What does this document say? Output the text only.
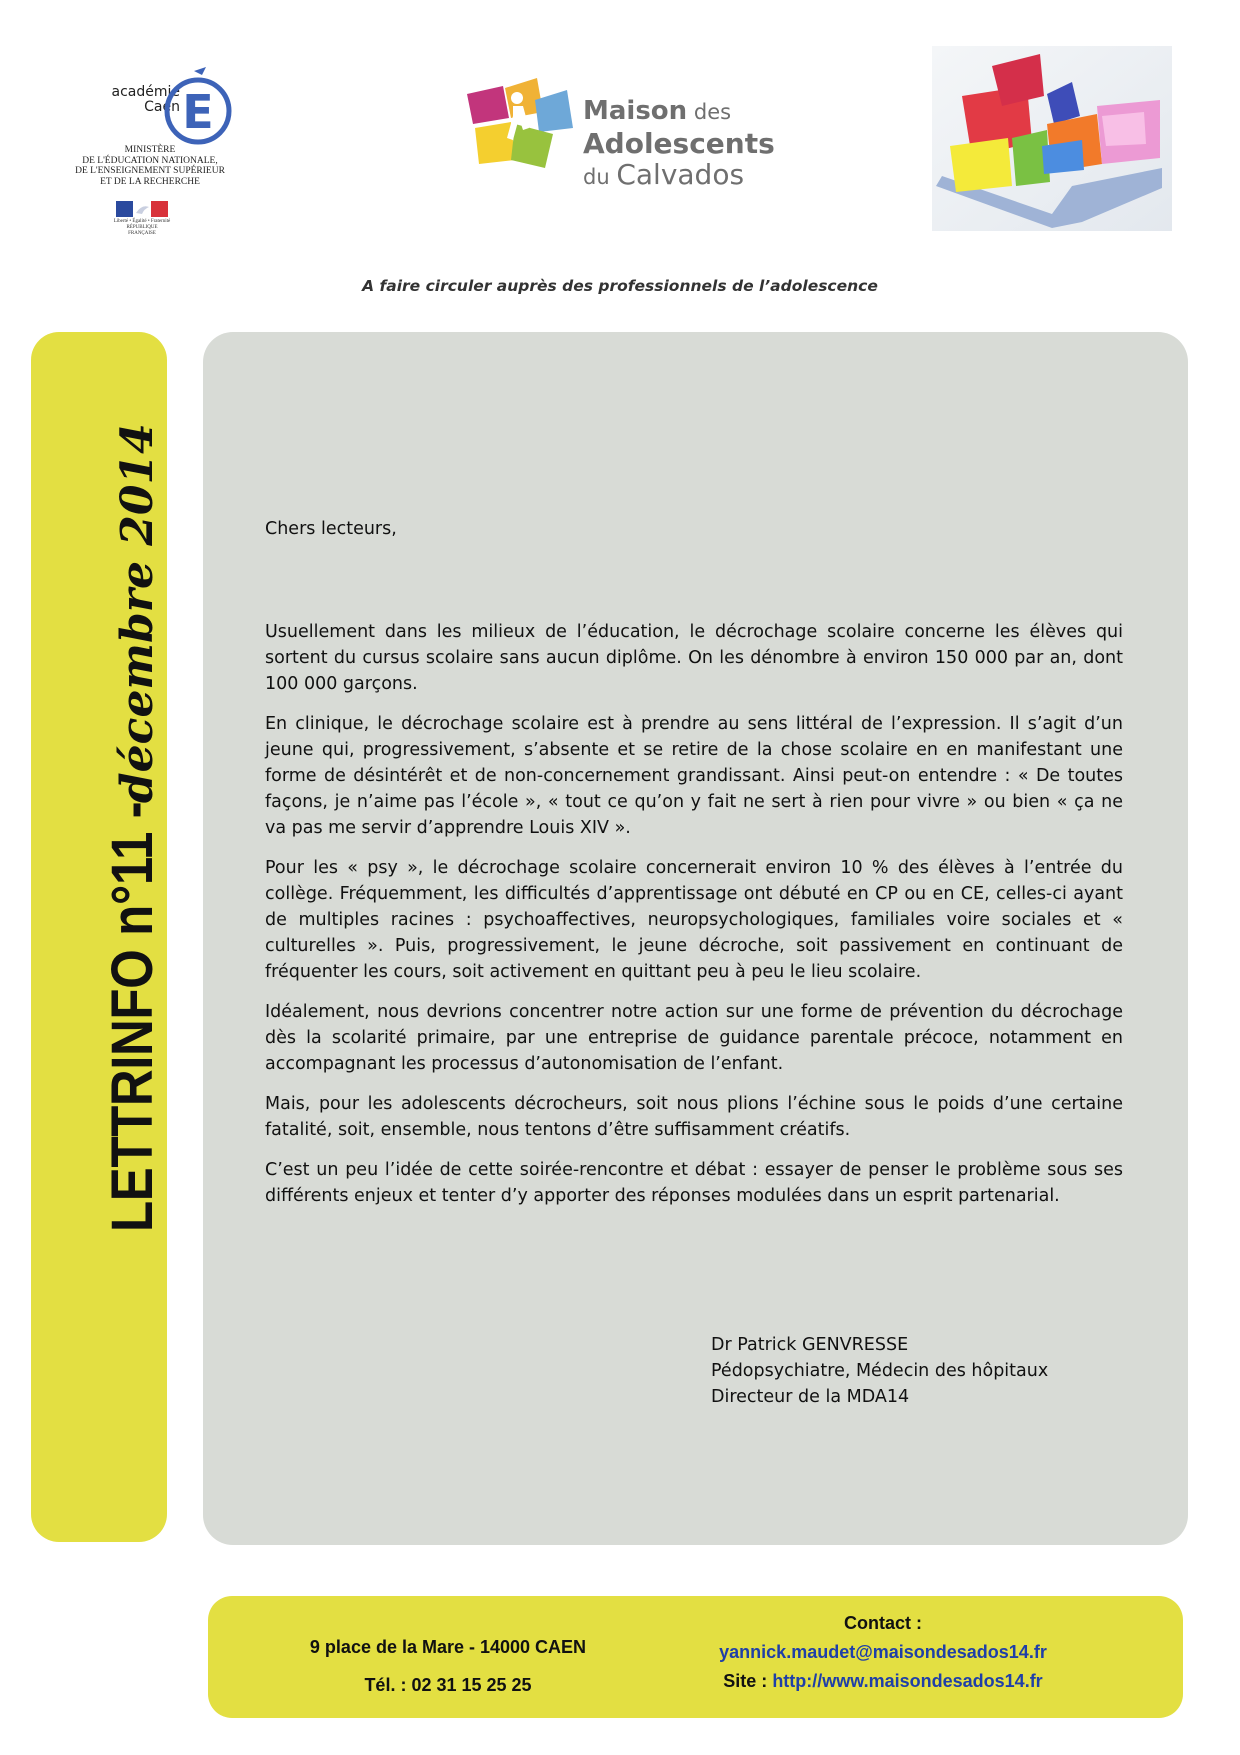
académie
Caen E
MINISTÈRE
DE L'ÉDUCATION NATIONALE,
DE L'ENSEIGNEMENT SUPÉRIEUR
ET DE LA RECHERCHE
Liberté • Égalité • Fraternité RÉPUBLIQUE FRANÇAISE
Maison des
Adolescents
du Calvados
A faire circuler auprès des professionnels de l’adolescence
LETTRINFO n°11 -décembre 2014	Chers lecteurs,

Usuellement dans les milieux de l’éducation, le décrochage scolaire concerne les élèves qui sortent du cursus scolaire sans aucun diplôme. On les dénombre à environ 150 000 par an, dont 100 000 garçons.

En clinique, le décrochage scolaire est à prendre au sens littéral de l’expression. Il s’agit d’un jeune qui, progressivement, s’absente et se retire de la chose scolaire en en manifestant une forme de désintérêt et de non-concernement grandissant. Ainsi peut-on entendre : « De toutes façons, je n’aime pas l’école », « tout ce qu’on y fait ne sert à rien pour vivre » ou bien « ça ne va pas me servir d’apprendre Louis XIV ».

Pour les « psy », le décrochage scolaire concernerait environ 10 % des élèves à l’entrée du collège. Fréquemment, les difficultés d’apprentissage ont débuté en CP ou en CE, celles-ci ayant de multiples racines : psychoaffectives, neuropsychologiques, familiales voire sociales et « culturelles ». Puis, progressivement, le jeune décroche, soit passivement en continuant de fréquenter les cours, soit activement en quittant peu à peu le lieu scolaire.

Idéalement, nous devrions concentrer notre action sur une forme de prévention du décrochage dès la scolarité primaire, par une entreprise de guidance parentale précoce, notamment en accompagnant les processus d’autonomisation de l’enfant.

Mais, pour les adolescents décrocheurs, soit nous plions l’échine sous le poids d’une certaine fatalité, soit, ensemble, nous tentons d’être suffisamment créatifs.

C’est un peu l’idée de cette soirée-rencontre et débat : essayer de penser le problème sous ses différents enjeux et tenter d’y apporter des réponses modulées dans un esprit partenarial.

Dr Patrick GENVRESSE
Pédopsychiatre, Médecin des hôpitaux
Directeur de la MDA14
9 place de la Mare - 14000 CAEN
Tél. : 02 31 15 25 25
Contact :
yannick.maudet@maisondesados14.fr
Site : http://www.maisondesados14.fr
